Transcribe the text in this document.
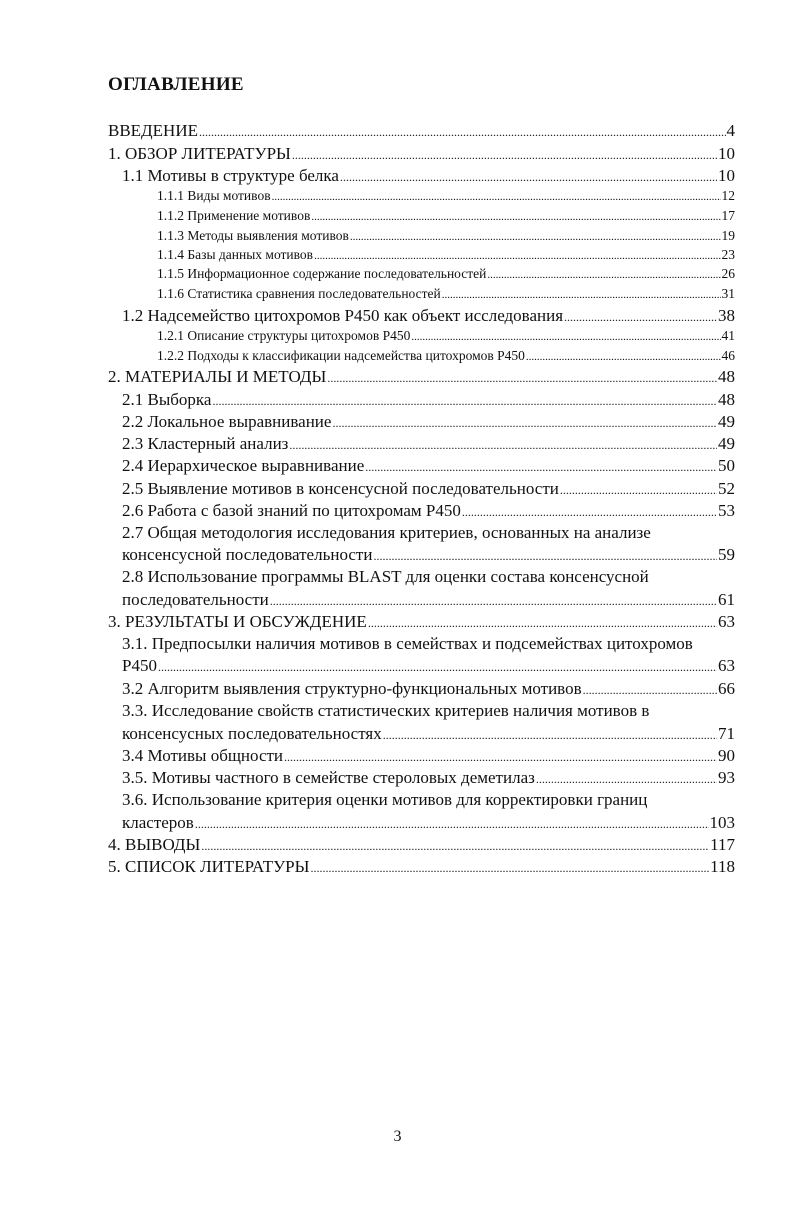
ОГЛАВЛЕНИЕ
ВВЕДЕНИЕ .....	4
1. ОБЗОР ЛИТЕРАТУРЫ .....	10
1.1 Мотивы в структуре белка .....	10
1.1.1 Виды мотивов .....	12
1.1.2 Применение мотивов .....	17
1.1.3 Методы выявления мотивов .....	19
1.1.4 Базы данных мотивов .....	23
1.1.5 Информационное содержание последовательностей .....	26
1.1.6 Статистика сравнения последовательностей .....	31
1.2 Надсемейство цитохромов P450 как объект исследования .....	38
1.2.1 Описание структуры цитохромов P450 .....	41
1.2.2 Подходы к классификации надсемейства цитохромов P450 .....	46
2. МАТЕРИАЛЫ И МЕТОДЫ .....	48
2.1 Выборка .....	48
2.2 Локальное выравнивание .....	49
2.3 Кластерный анализ .....	49
2.4 Иерархическое выравнивание .....	50
2.5 Выявление мотивов в консенсусной последовательности .....	52
2.6 Работа с базой знаний по цитохромам P450 .....	53
2.7 Общая методология исследования критериев, основанных на анализе
консенсусной последовательности .....	59
2.8 Использование программы BLAST для оценки состава консенсусной
последовательности .....	61
3. РЕЗУЛЬТАТЫ И ОБСУЖДЕНИЕ .....	63
3.1. Предпосылки наличия мотивов в семействах и подсемействах цитохромов
P450 .....	63
3.2 Алгоритм выявления структурно-функциональных мотивов .....	66
3.3. Исследование свойств статистических критериев наличия мотивов в
консенсусных последовательностях .....	71
3.4 Мотивы общности .....	90
3.5. Мотивы частного в семействе стероловых деметилаз .....	93
3.6. Использование критерия оценки мотивов для корректировки границ
кластеров .....	103
4. ВЫВОДЫ .....	117
5. СПИСОК ЛИТЕРАТУРЫ .....	118
3
